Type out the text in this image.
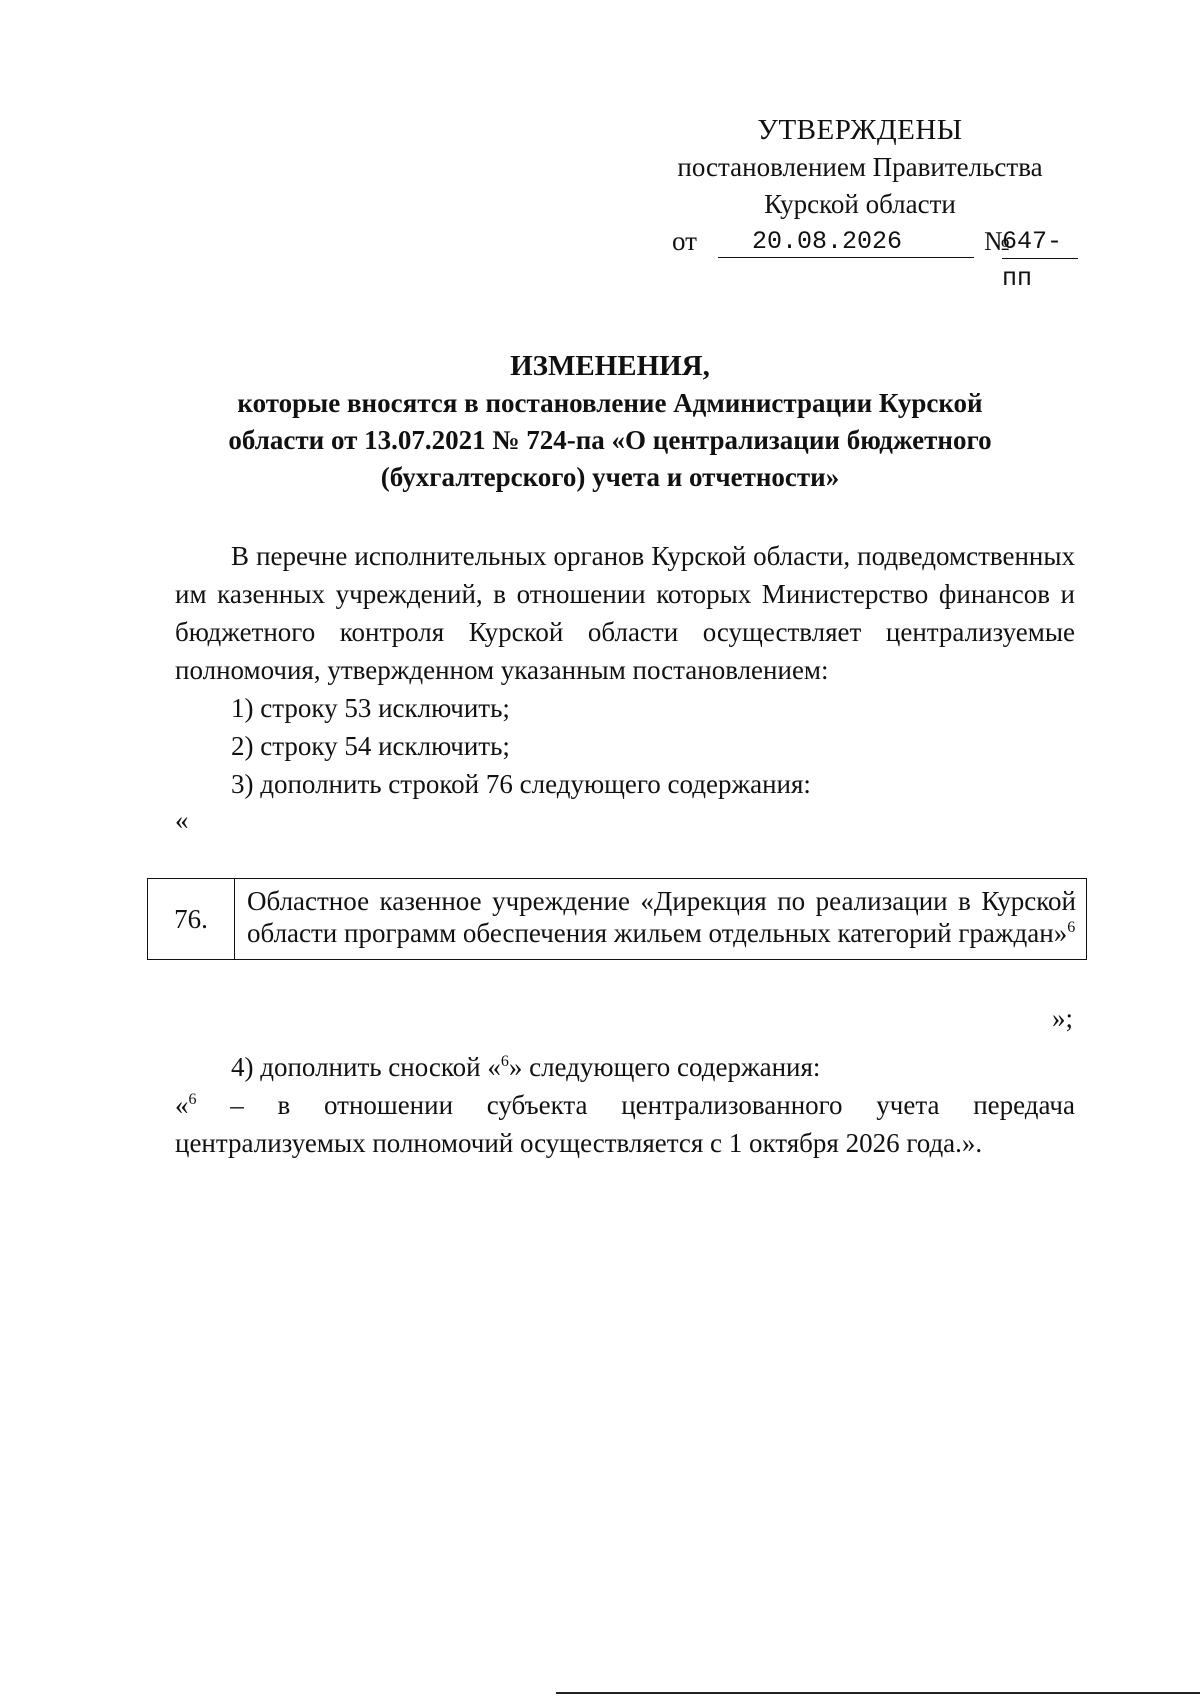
УТВЕРЖДЕНЫ
постановлением Правительства
Курской области
от	20.08.2026	№
647-пп
ИЗМЕНЕНИЯ,
которые вносятся в постановление Администрации Курской
области от 13.07.2021 № 724-па «О централизации бюджетного
(бухгалтерского) учета и отчетности»

В перечне исполнительных органов Курской области, подведомственных им казенных учреждений, в отношении которых Министерство финансов и бюджетного контроля Курской области осуществляет централизуемые полномочия, утвержденном указанным постановлением:

1) строку 53 исключить;

2) строку 54 исключить;

3) дополнить строкой 76 следующего содержания:

«

76.	Областное казенное учреждение «Дирекция по реализации в Курской области программ обеспечения жильем отдельных категорий граждан»$^6$
»;

4) дополнить сноской «$^6$» следующего содержания:

«$^6$ – в отношении субъекта централизованного учета передача централизуемых полномочий осуществляется с 1 октября 2026 года.».
